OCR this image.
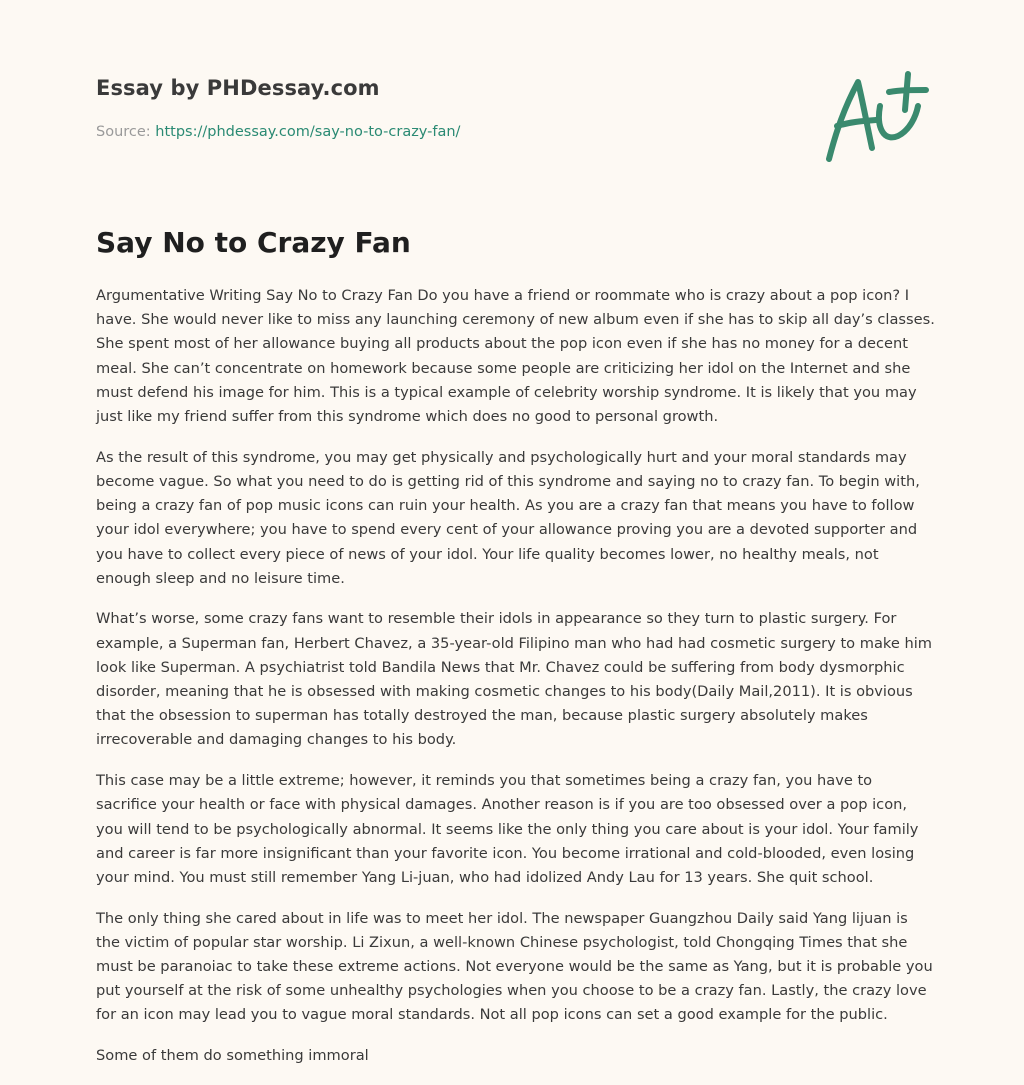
Essay by PHDessay.com
Source: https://phdessay.com/say-no-to-crazy-fan/
Say No to Crazy Fan

Argumentative Writing Say No to Crazy Fan Do you have a friend or roommate who is crazy about a pop icon? I have. She would never like to miss any launching ceremony of new album even if she has to skip all day’s classes. She spent most of her allowance buying all products about the pop icon even if she has no money for a decent meal. She can’t concentrate on homework because some people are criticizing her idol on the Internet and she must defend his image for him. This is a typical example of celebrity worship syndrome. It is likely that you may just like my friend suffer from this syndrome which does no good to personal growth.

As the result of this syndrome, you may get physically and psychologically hurt and your moral standards may become vague. So what you need to do is getting rid of this syndrome and saying no to crazy fan. To begin with, being a crazy fan of pop music icons can ruin your health. As you are a crazy fan that means you have to follow your idol everywhere; you have to spend every cent of your allowance proving you are a devoted supporter and you have to collect every piece of news of your idol. Your life quality becomes lower, no healthy meals, not enough sleep and no leisure time.

What’s worse, some crazy fans want to resemble their idols in appearance so they turn to plastic surgery. For example, a Superman fan, Herbert Chavez, a 35-year-old Filipino man who had had cosmetic surgery to make him look like Superman. A psychiatrist told Bandila News that Mr. Chavez could be suffering from body dysmorphic disorder, meaning that he is obsessed with making cosmetic changes to his body(Daily Mail,2011). It is obvious that the obsession to superman has totally destroyed the man, because plastic surgery absolutely makes irrecoverable and damaging changes to his body.

This case may be a little extreme; however, it reminds you that sometimes being a crazy fan, you have to sacrifice your health or face with physical damages. Another reason is if you are too obsessed over a pop icon, you will tend to be psychologically abnormal. It seems like the only thing you care about is your idol. Your family and career is far more insignificant than your favorite icon. You become irrational and cold-blooded, even losing your mind. You must still remember Yang Li-juan, who had idolized Andy Lau for 13 years. She quit school.

The only thing she cared about in life was to meet her idol. The newspaper Guangzhou Daily said Yang lijuan is the victim of popular star worship. Li Zixun, a well-known Chinese psychologist, told Chongqing Times that she must be paranoiac to take these extreme actions. Not everyone would be the same as Yang, but it is probable you put yourself at the risk of some unhealthy psychologies when you choose to be a crazy fan. Lastly, the crazy love for an icon may lead you to vague moral standards. Not all pop icons can set a good example for the public.

Some of them do something immoral
